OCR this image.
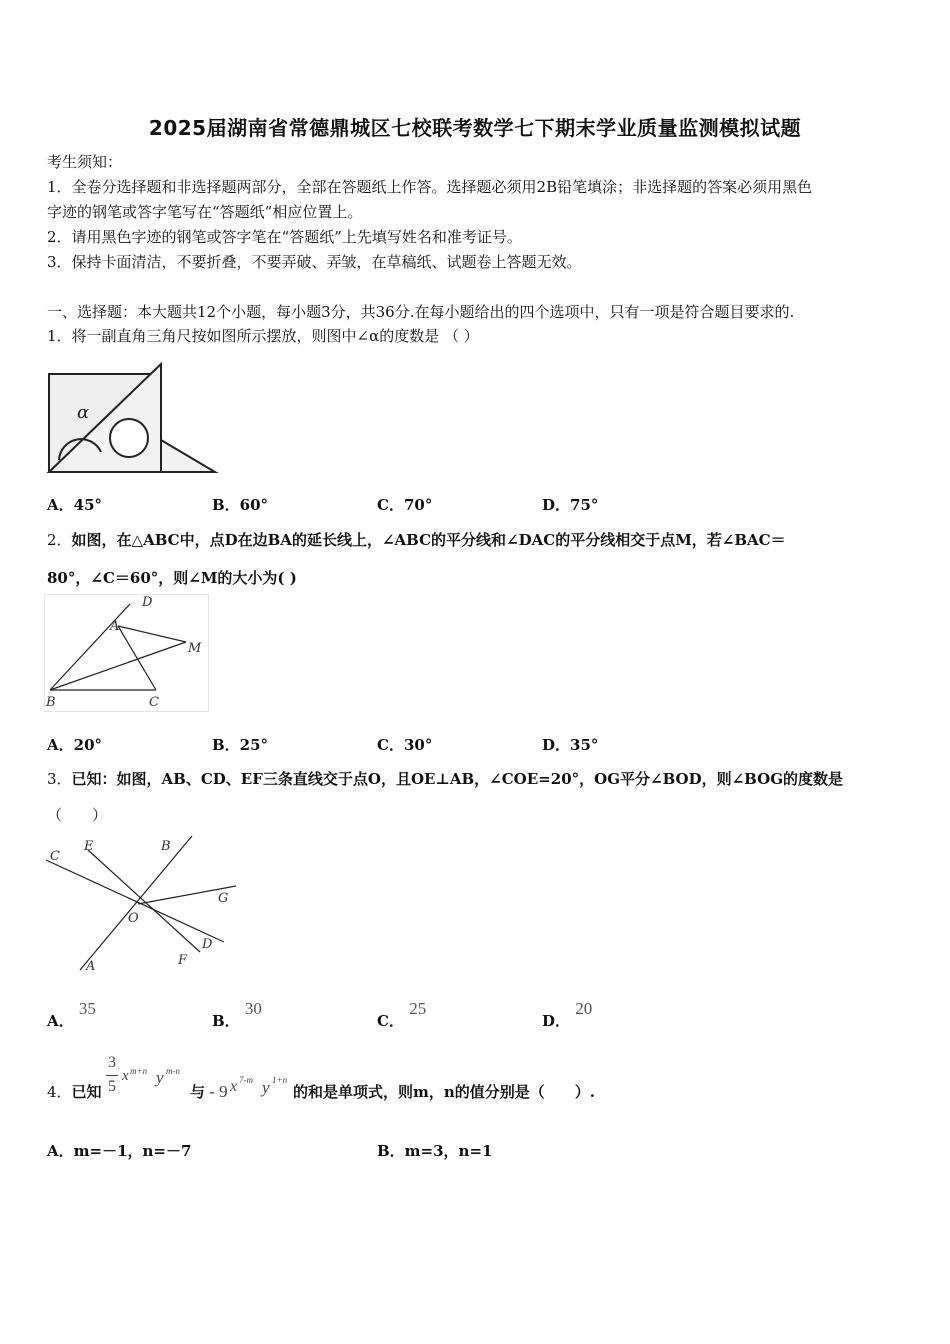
2025届湖南省常德鼎城区七校联考数学七下期末学业质量监测模拟试题
考生须知：
1．全卷分选择题和非选择题两部分，全部在答题纸上作答。选择题必须用2B铅笔填涂；非选择题的答案必须用黑色
字迹的钢笔或答字笔写在“答题纸”相应位置上。
2．请用黑色字迹的钢笔或答字笔在“答题纸”上先填写姓名和准考证号。
3．保持卡面清洁，不要折叠，不要弄破、弄皱，在草稿纸、试题卷上答题无效。
一、选择题：本大题共12个小题，每小题3分，共36分.在每小题给出的四个选项中，只有一项是符合题目要求的.
1．将一副直角三角尺按如图所示摆放，则图中∠α的度数是 （ ）
α
A．45°	B．60°	C．70°	D．75°
2．如图，在△ABC中，点D在边BA的延长线上，∠ABC的平分线和∠DAC的平分线相交于点M，若∠BAC＝
80°，∠C＝60°，则∠M的大小为( )
D
A
M
B	C
A．20°	B．25°	C．30°	D．35°
3．已知：如图，AB、CD、EF三条直线交于点O，且OE⊥AB，∠COE=20°，OG平分∠BOD，则∠BOG的度数是
（　　）
C
E	B
G
O
D
F
A
A． 35
B． 30
C． 25
D． 20
4．已知
3
5
x m+n y m-n
与 - 9 x 7-m y 1+n
的和是单项式，则m，n的值分别是（　　）.
A．m=－1，n=－7	B．m=3，n=1
